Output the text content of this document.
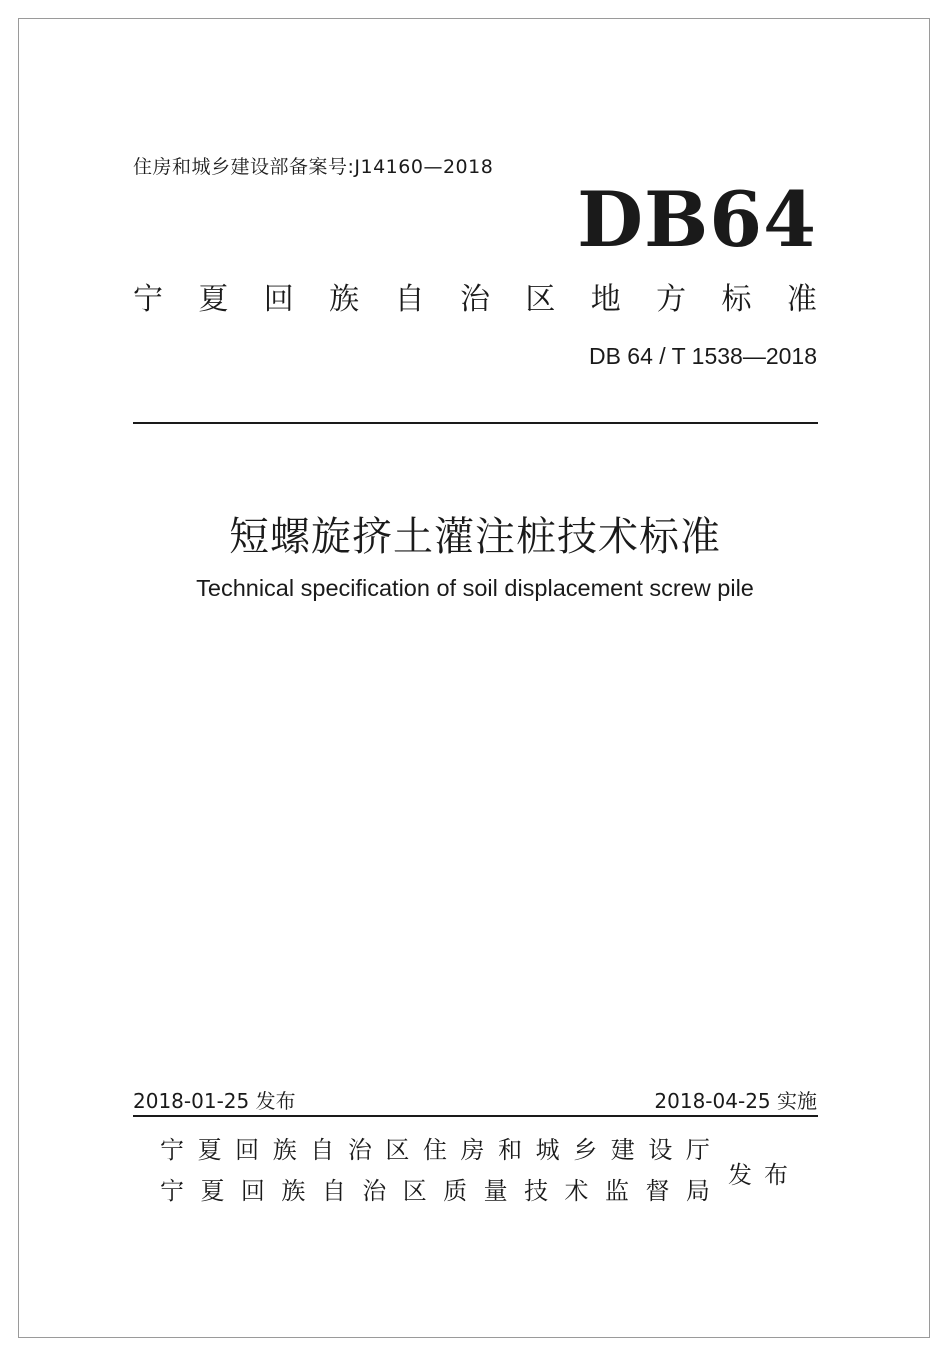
住房和城乡建设部备案号:J14160—2018
DB64
宁 夏 回 族 自 治 区 地 方 标 准
DB 64 / T 1538—2018
短螺旋挤土灌注桩技术标准
Technical specification of soil displacement screw pile
2018-01-25 发布	2018-04-25 实施
宁 夏 回 族 自 治 区 住 房 和 城 乡 建 设 厅
宁 夏 回 族 自 治 区 质 量 技 术 监 督 局
发布
